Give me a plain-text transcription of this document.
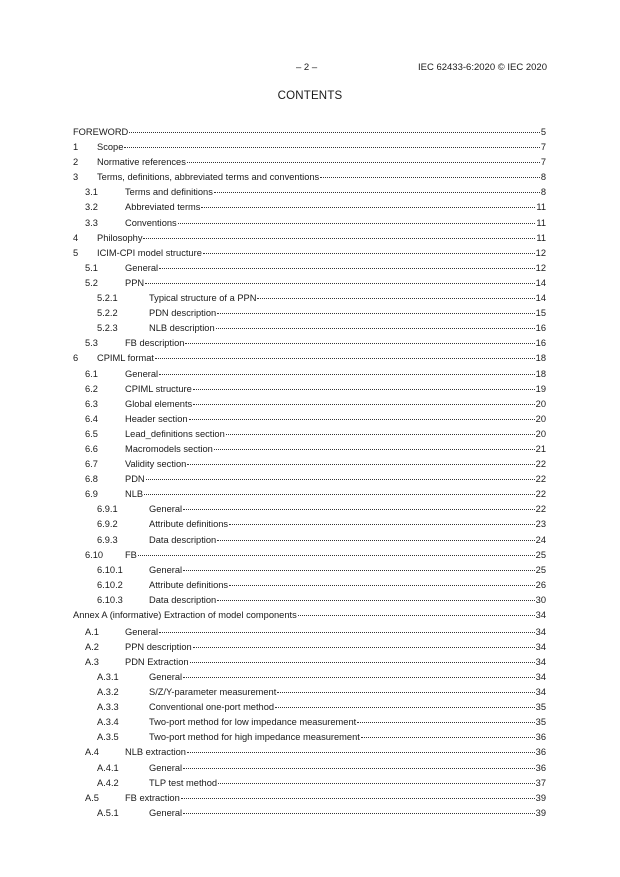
– 2 –	IEC 62433-6:2020 © IEC 2020
CONTENTS
FOREWORD	5
1	Scope	7
2	Normative references	7
3	Terms, definitions, abbreviated terms and conventions	8
3.1	Terms and definitions	8
3.2	Abbreviated terms	11
3.3	Conventions	11
4	Philosophy	11
5	ICIM-CPI model structure	12
5.1	General	12
5.2	PPN	14
5.2.1	Typical structure of a PPN	14
5.2.2	PDN description	15
5.2.3	NLB description	16
5.3	FB description	16
6	CPIML format	18
6.1	General	18
6.2	CPIML structure	19
6.3	Global elements	20
6.4	Header section	20
6.5	Lead_definitions section	20
6.6	Macromodels section	21
6.7	Validity section	22
6.8	PDN	22
6.9	NLB	22
6.9.1	General	22
6.9.2	Attribute definitions	23
6.9.3	Data description	24
6.10	FB	25
6.10.1	General	25
6.10.2	Attribute definitions	26
6.10.3	Data description	30
Annex A (informative) Extraction of model components	34
A.1	General	34
A.2	PPN description	34
A.3	PDN Extraction	34
A.3.1	General	34
A.3.2	S/Z/Y-parameter measurement	34
A.3.3	Conventional one-port method	35
A.3.4	Two-port method for low impedance measurement	35
A.3.5	Two-port method for high impedance measurement	36
A.4	NLB extraction	36
A.4.1	General	36
A.4.2	TLP test method	37
A.5	FB extraction	39
A.5.1	General	39
